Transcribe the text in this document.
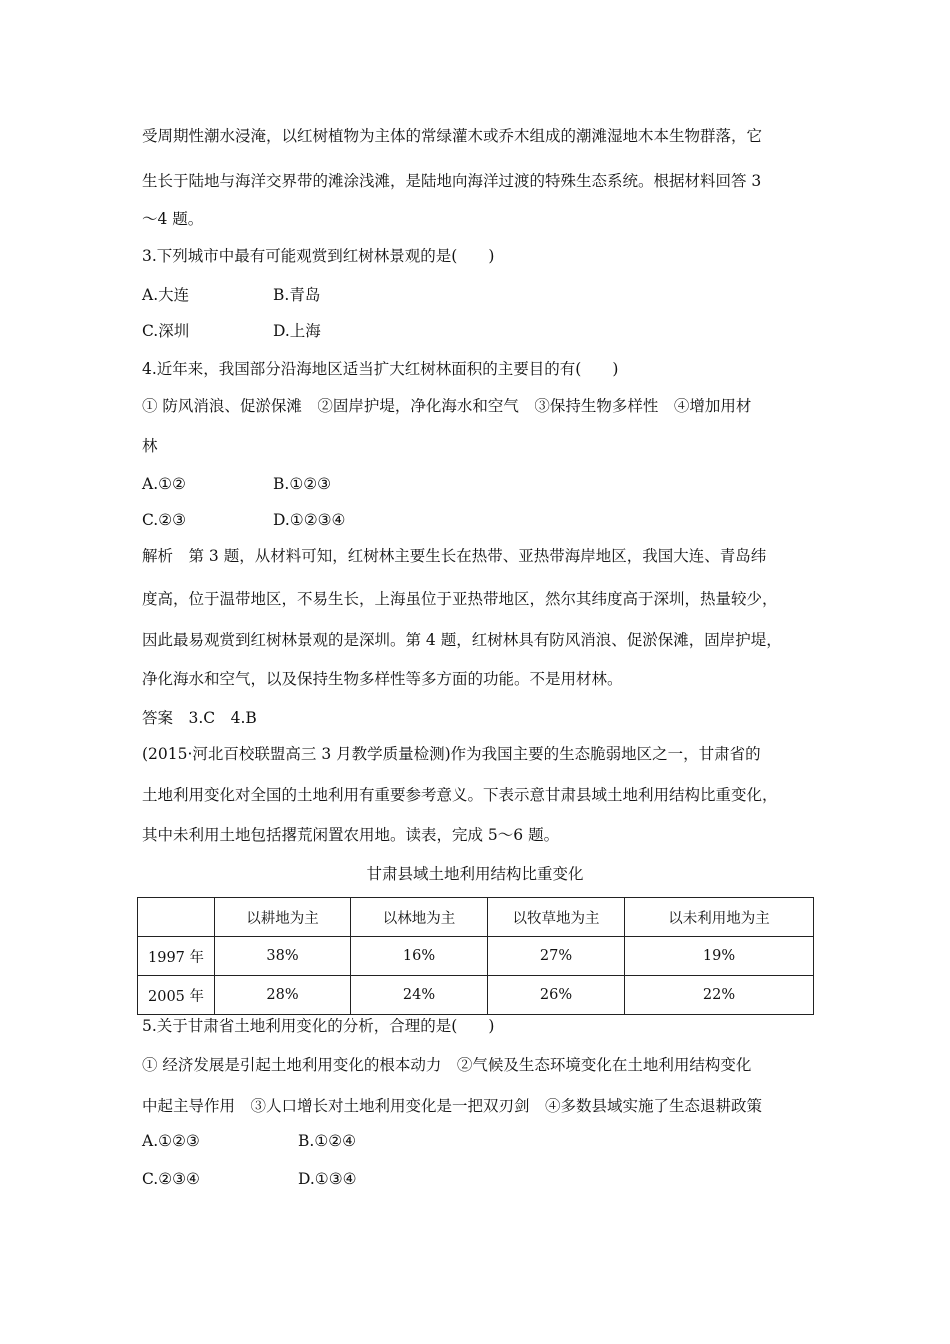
受周期性潮水浸淹，以红树植物为主体的常绿灌木或乔木组成的潮滩湿地木本生物群落，它
生长于陆地与海洋交界带的滩涂浅滩，是陆地向海洋过渡的特殊生态系统。根据材料回答 3
～4 题。
3.下列城市中最有可能观赏到红树林景观的是(　　)
A.大连	B.青岛
C.深圳	D.上海
4.近年来，我国部分沿海地区适当扩大红树林面积的主要目的有(　　)
① 防风消浪、促淤保滩　②固岸护堤，净化海水和空气　③保持生物多样性　④增加用材
林
A.①②	B.①②③
C.②③	D.①②③④
解析　第 3 题，从材料可知，红树林主要生长在热带、亚热带海岸地区，我国大连、青岛纬
度高，位于温带地区，不易生长，上海虽位于亚热带地区，然尔其纬度高于深圳，热量较少，
因此最易观赏到红树林景观的是深圳。第 4 题，红树林具有防风消浪、促淤保滩，固岸护堤，
净化海水和空气，以及保持生物多样性等多方面的功能。不是用材林。
答案　3.C　4.B
(2015·河北百校联盟高三 3 月教学质量检测)作为我国主要的生态脆弱地区之一，甘肃省的
土地利用变化对全国的土地利用有重要参考意义。下表示意甘肃县域土地利用结构比重变化，
其中未利用土地包括撂荒闲置农用地。读表，完成 5～6 题。
甘肃县域土地利用结构比重变化
	以耕地为主	以林地为主	以牧草地为主	以未利用地为主
1997 年	38%	16%	27%	19%
2005 年	28%	24%	26%	22%
5.关于甘肃省土地利用变化的分析，合理的是(　　)
① 经济发展是引起土地利用变化的根本动力　②气候及生态环境变化在土地利用结构变化
中起主导作用　③人口增长对土地利用变化是一把双刃剑　④多数县域实施了生态退耕政策
A.①②③	B.①②④
C.②③④	D.①③④
